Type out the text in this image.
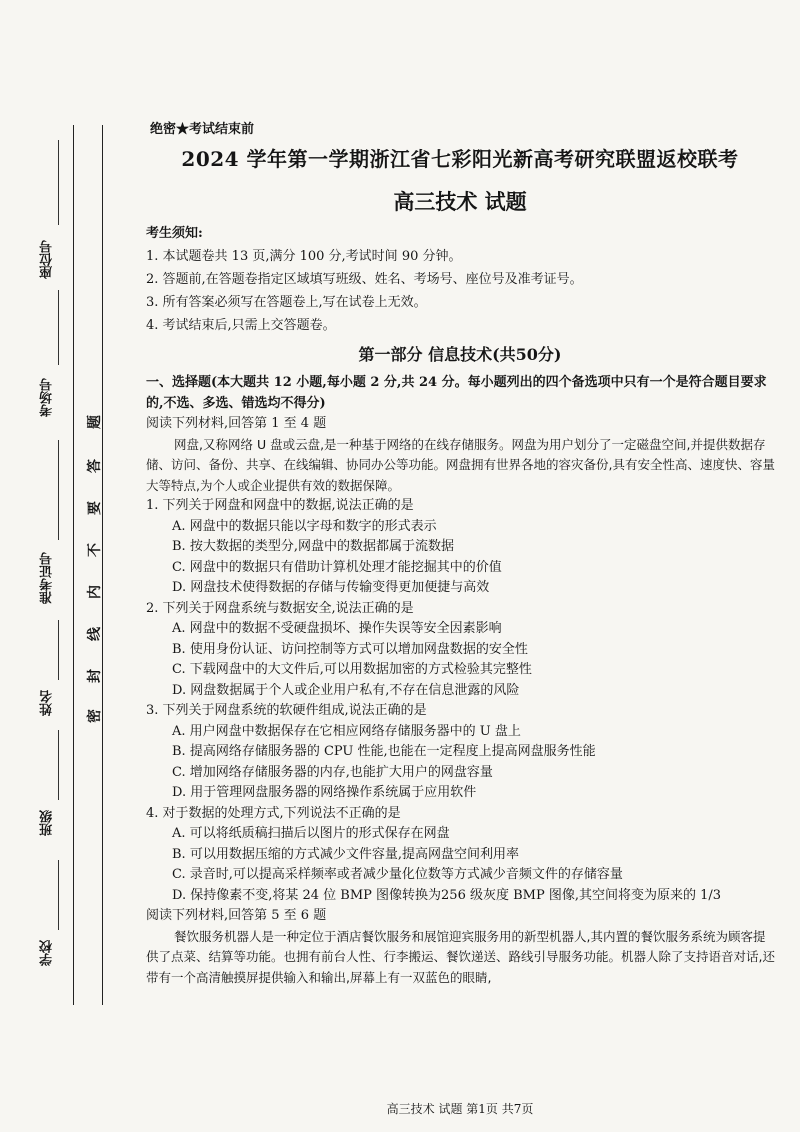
座位号
考场号
准考证号
姓名
班级
学校
题
答
要
不
内
线
封
密
绝密★考试结束前
2024 学年第一学期浙江省七彩阳光新高考研究联盟返校联考
高三技术 试题
考生须知:
1. 本试题卷共 13 页,满分 100 分,考试时间 90 分钟。
2. 答题前,在答题卷指定区域填写班级、姓名、考场号、座位号及准考证号。
3. 所有答案必须写在答题卷上,写在试卷上无效。
4. 考试结束后,只需上交答题卷。
第一部分 信息技术(共50分)

一、选择题(本大题共 12 小题,每小题 2 分,共 24 分。每小题列出的四个备选项中只有一个是符合题目要求的,不选、多选、错选均不得分)

阅读下列材料,回答第 1 至 4 题

网盘,又称网络 U 盘或云盘,是一种基于网络的在线存储服务。网盘为用户划分了一定磁盘空间,并提供数据存储、访问、备份、共享、在线编辑、协同办公等功能。网盘拥有世界各地的容灾备份,具有安全性高、速度快、容量大等特点,为个人或企业提供有效的数据保障。

1. 下列关于网盘和网盘中的数据,说法正确的是

A. 网盘中的数据只能以字母和数字的形式表示

B. 按大数据的类型分,网盘中的数据都属于流数据

C. 网盘中的数据只有借助计算机处理才能挖掘其中的价值

D. 网盘技术使得数据的存储与传输变得更加便捷与高效

2. 下列关于网盘系统与数据安全,说法正确的是

A. 网盘中的数据不受硬盘损坏、操作失误等安全因素影响

B. 使用身份认证、访问控制等方式可以增加网盘数据的安全性

C. 下载网盘中的大文件后,可以用数据加密的方式检验其完整性

D. 网盘数据属于个人或企业用户私有,不存在信息泄露的风险

3. 下列关于网盘系统的软硬件组成,说法正确的是

A. 用户网盘中数据保存在它相应网络存储服务器中的 U 盘上

B. 提高网络存储服务器的 CPU 性能,也能在一定程度上提高网盘服务性能

C. 增加网络存储服务器的内存,也能扩大用户的网盘容量

D. 用于管理网盘服务器的网络操作系统属于应用软件

4. 对于数据的处理方式,下列说法不正确的是

A. 可以将纸质稿扫描后以图片的形式保存在网盘

B. 可以用数据压缩的方式减少文件容量,提高网盘空间利用率

C. 录音时,可以提高采样频率或者减少量化位数等方式减少音频文件的存储容量

D. 保持像素不变,将某 24 位 BMP 图像转换为256 级灰度 BMP 图像,其空间将变为原来的 1/3

阅读下列材料,回答第 5 至 6 题

餐饮服务机器人是一种定位于酒店餐饮服务和展馆迎宾服务用的新型机器人,其内置的餐饮服务系统为顾客提供了点菜、结算等功能。也拥有前台人性、行李搬运、餐饮递送、路线引导服务功能。机器人除了支持语音对话,还带有一个高清触摸屏提供输入和输出,屏幕上有一双蓝色的眼睛,

高三技术 试题 第1页 共7页
